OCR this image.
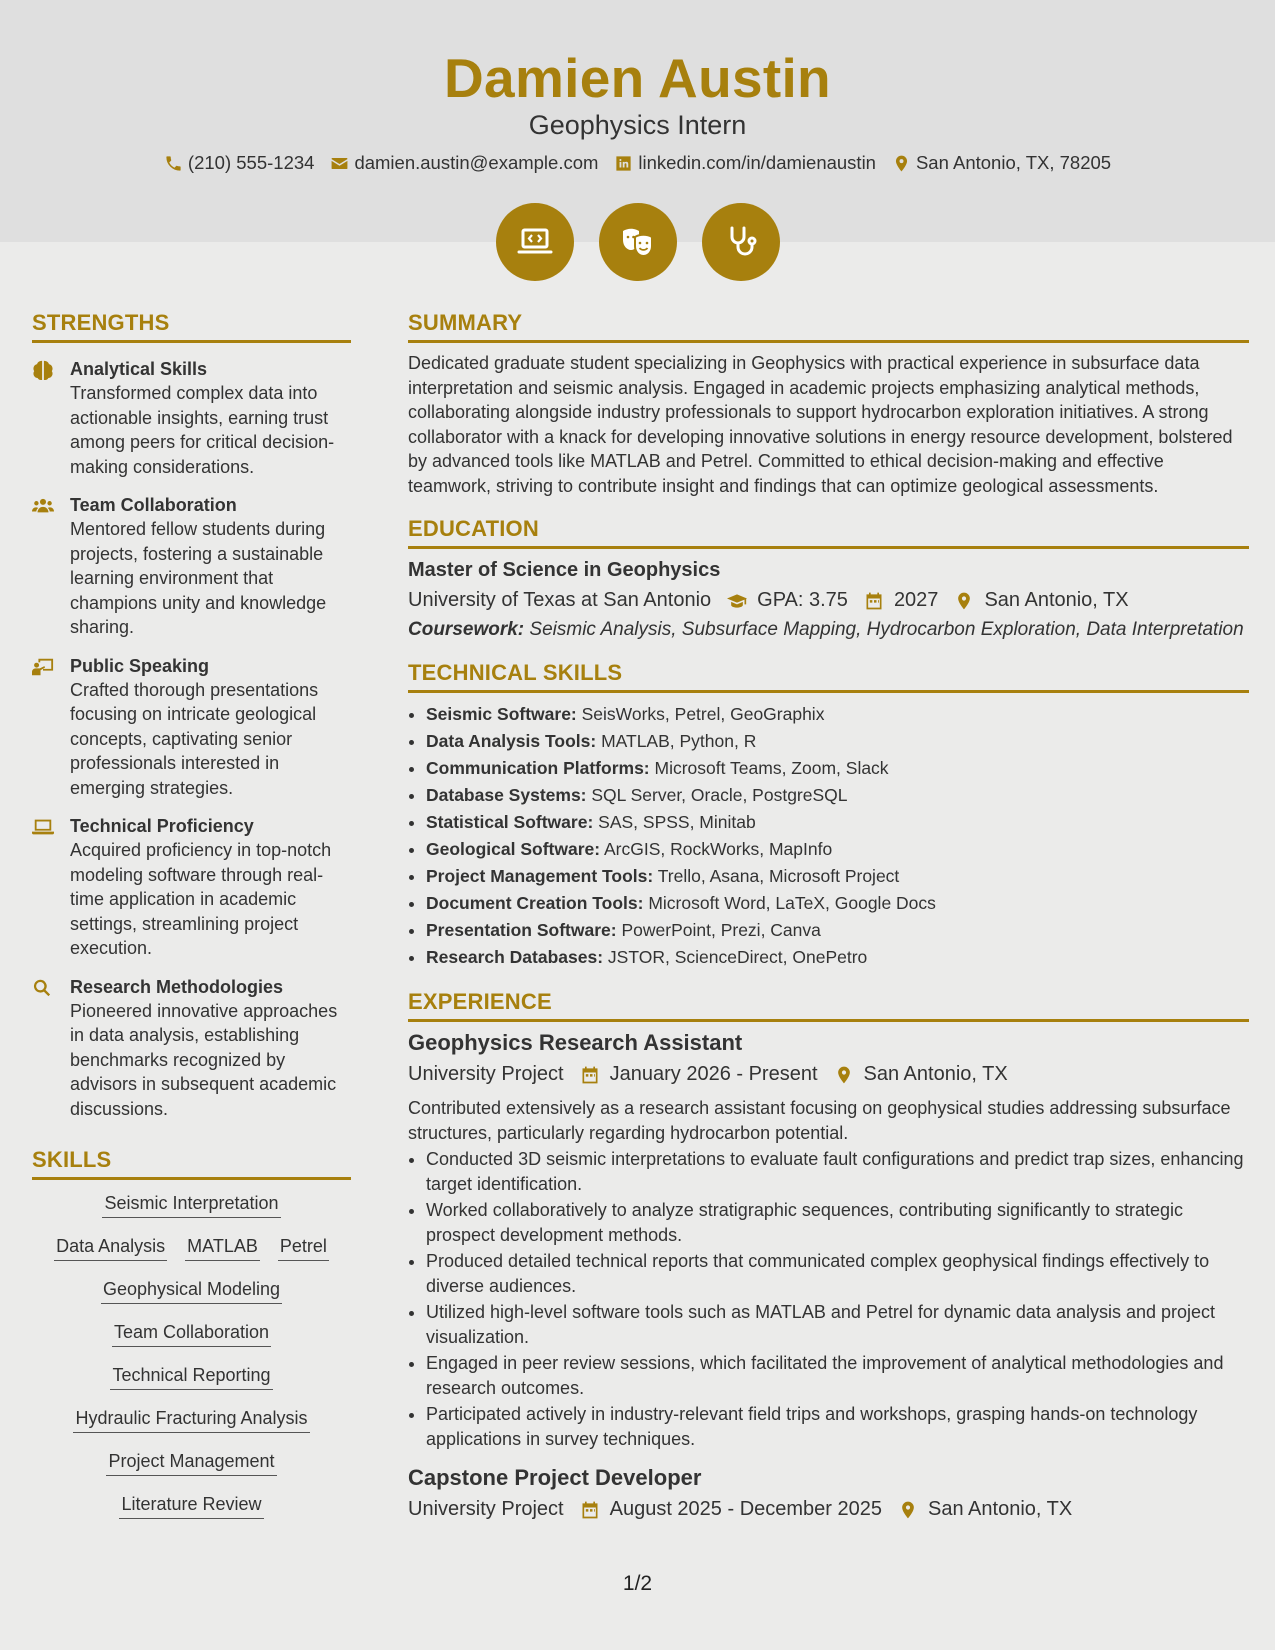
Damien Austin
Geophysics Intern
(210) 555-1234 damien.austin@example.com linkedin.com/in/damienaustin San Antonio, TX, 78205
STRENGTHS
Analytical Skills
Transformed complex data into actionable insights, earning trust among peers for critical decision-making considerations.
Team Collaboration
Mentored fellow students during projects, fostering a sustainable learning environment that champions unity and knowledge sharing.
Public Speaking
Crafted thorough presentations focusing on intricate geological concepts, captivating senior professionals interested in emerging strategies.
Technical Proficiency
Acquired proficiency in top-notch modeling software through real-time application in academic settings, streamlining project execution.
Research Methodologies
Pioneered innovative approaches in data analysis, establishing benchmarks recognized by advisors in subsequent academic discussions.
SKILLS
Seismic Interpretation
Data Analysis MATLAB Petrel
Geophysical Modeling
Team Collaboration
Technical Reporting
Hydraulic Fracturing Analysis
Project Management
Literature Review
SUMMARY
Dedicated graduate student specializing in Geophysics with practical experience in subsurface data interpretation and seismic analysis. Engaged in academic projects emphasizing analytical methods, collaborating alongside industry professionals to support hydrocarbon exploration initiatives. A strong collaborator with a knack for developing innovative solutions in energy resource development, bolstered by advanced tools like MATLAB and Petrel. Committed to ethical decision-making and effective teamwork, striving to contribute insight and findings that can optimize geological assessments.
EDUCATION
Master of Science in Geophysics
University of Texas at San Antonio GPA: 3.75 2027 San Antonio, TX
Coursework: Seismic Analysis, Subsurface Mapping, Hydrocarbon Exploration, Data Interpretation
TECHNICAL SKILLS
• Seismic Software: SeisWorks, Petrel, GeoGraphix
• Data Analysis Tools: MATLAB, Python, R
• Communication Platforms: Microsoft Teams, Zoom, Slack
• Database Systems: SQL Server, Oracle, PostgreSQL
• Statistical Software: SAS, SPSS, Minitab
• Geological Software: ArcGIS, RockWorks, MapInfo
• Project Management Tools: Trello, Asana, Microsoft Project
• Document Creation Tools: Microsoft Word, LaTeX, Google Docs
• Presentation Software: PowerPoint, Prezi, Canva
• Research Databases: JSTOR, ScienceDirect, OnePetro
EXPERIENCE
Geophysics Research Assistant
University Project January 2026 - Present San Antonio, TX
Contributed extensively as a research assistant focusing on geophysical studies addressing subsurface structures, particularly regarding hydrocarbon potential.
• Conducted 3D seismic interpretations to evaluate fault configurations and predict trap sizes, enhancing target identification.
• Worked collaboratively to analyze stratigraphic sequences, contributing significantly to strategic prospect development methods.
• Produced detailed technical reports that communicated complex geophysical findings effectively to diverse audiences.
• Utilized high-level software tools such as MATLAB and Petrel for dynamic data analysis and project visualization.
• Engaged in peer review sessions, which facilitated the improvement of analytical methodologies and research outcomes.
• Participated actively in industry-relevant field trips and workshops, grasping hands-on technology applications in survey techniques.
Capstone Project Developer
University Project August 2025 - December 2025 San Antonio, TX
1/2
